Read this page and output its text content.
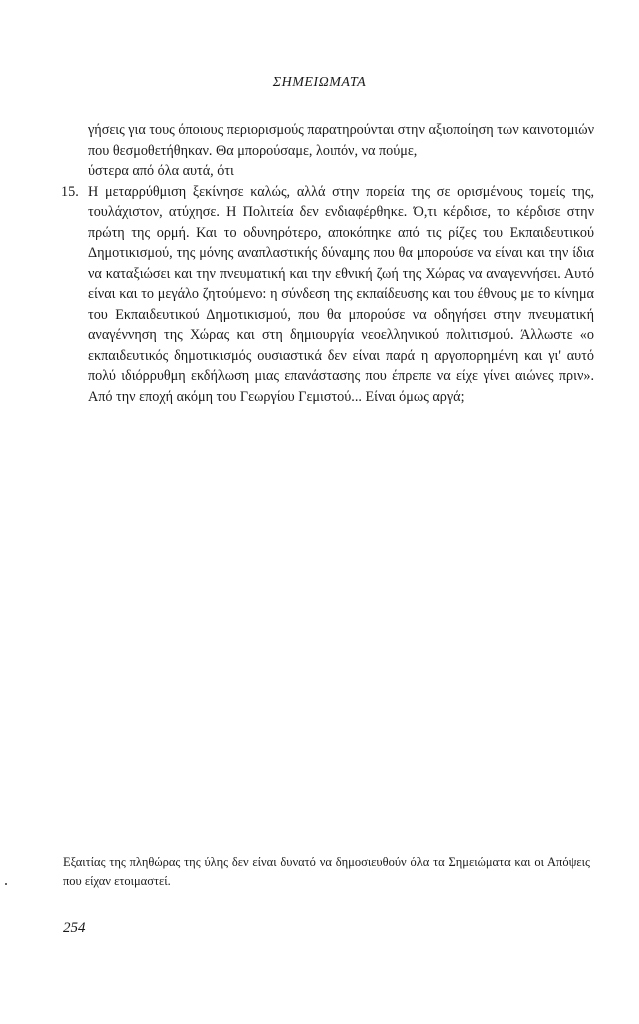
ΣΗΜΕΙΩΜΑΤΑ

γήσεις για τους όποιους περιορισμούς παρατηρούνται στην αξιοποίηση των καινοτομιών που θεσμοθετήθηκαν. Θα μπορούσαμε, λοιπόν, να πούμε,
ύστερα από όλα αυτά, ότι

15. Η μεταρρύθμιση ξεκίνησε καλώς, αλλά στην πορεία της σε ορισμένους τομείς της, τουλάχιστον, ατύχησε. Η Πολιτεία δεν ενδιαφέρθηκε. Ό,τι κέρδισε, το κέρδισε στην πρώτη της ορμή. Και το οδυνηρότερο, αποκόπηκε από τις ρίζες του Εκπαιδευτικού Δημοτικισμού, της μόνης αναπλαστικής δύναμης που θα μπορούσε να είναι και την ίδια να καταξιώσει και την πνευματική και την εθνική ζωή της Χώρας να αναγεννήσει. Αυτό είναι και το μεγάλο ζητούμενο: η σύνδεση της εκπαίδευσης και του έθνους με το κίνημα του Εκπαιδευτικού Δημοτικισμού, που θα μπορούσε να οδηγήσει στην πνευματική αναγέννηση της Χώρας και στη δημιουργία νεοελληνικού πολιτισμού. Άλλωστε «ο εκπαιδευτικός δημοτικισμός ουσιαστικά δεν είναι παρά η αργοπορημένη και γι' αυτό πολύ ιδιόρρυθμη εκδήλωση μιας επανάστασης που έπρεπε να είχε γίνει αιώνες πριν». Από την εποχή ακόμη του Γεωργίου Γεμιστού... Είναι όμως αργά;

Εξαιτίας της πληθώρας της ύλης δεν είναι δυνατό να δημοσιευθούν όλα τα Σημειώματα και οι Απόψεις που είχαν ετοιμαστεί.
254
